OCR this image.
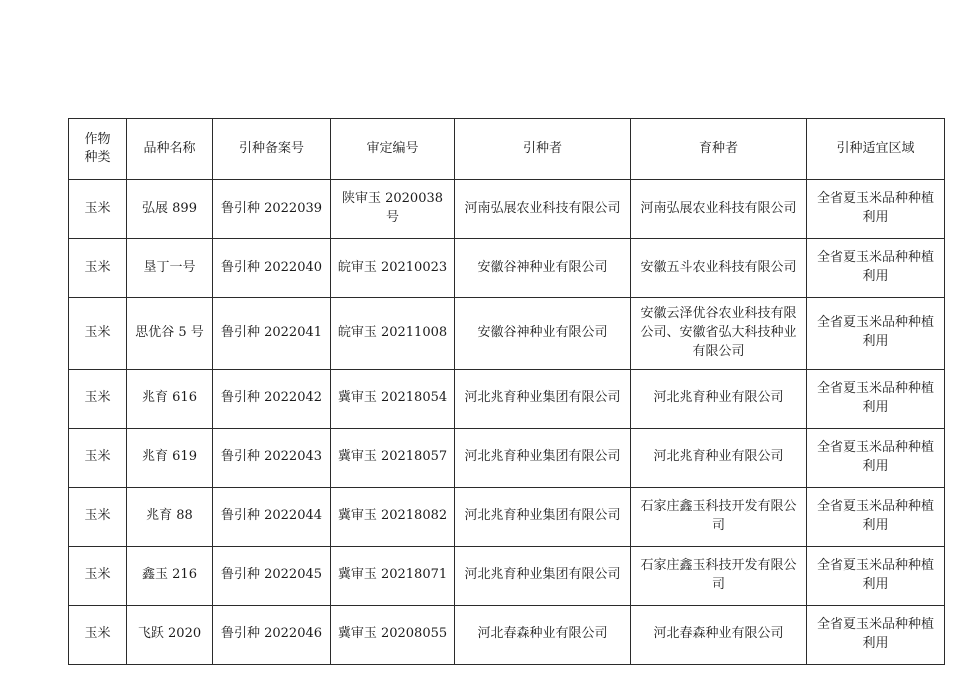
作物
种类	品种名称	引种备案号	审定编号	引种者	育种者	引种适宜区域
玉米	弘展 899	鲁引种 2022039	陕审玉 2020038 号	河南弘展农业科技有限公司	河南弘展农业科技有限公司	全省夏玉米品种种植利用
玉米	垦丁一号	鲁引种 2022040	皖审玉 20210023	安徽谷神种业有限公司	安徽五斗农业科技有限公司	全省夏玉米品种种植利用
玉米	思优谷 5 号	鲁引种 2022041	皖审玉 20211008	安徽谷神种业有限公司	安徽云泽优谷农业科技有限公司、安徽省弘大科技种业有限公司	全省夏玉米品种种植利用
玉米	兆育 616	鲁引种 2022042	冀审玉 20218054	河北兆育种业集团有限公司	河北兆育种业有限公司	全省夏玉米品种种植利用
玉米	兆育 619	鲁引种 2022043	冀审玉 20218057	河北兆育种业集团有限公司	河北兆育种业有限公司	全省夏玉米品种种植利用
玉米	兆育 88	鲁引种 2022044	冀审玉 20218082	河北兆育种业集团有限公司	石家庄鑫玉科技开发有限公司	全省夏玉米品种种植利用
玉米	鑫玉 216	鲁引种 2022045	冀审玉 20218071	河北兆育种业集团有限公司	石家庄鑫玉科技开发有限公司	全省夏玉米品种种植利用
玉米	飞跃 2020	鲁引种 2022046	冀审玉 20208055	河北春森种业有限公司	河北春森种业有限公司	全省夏玉米品种种植利用
